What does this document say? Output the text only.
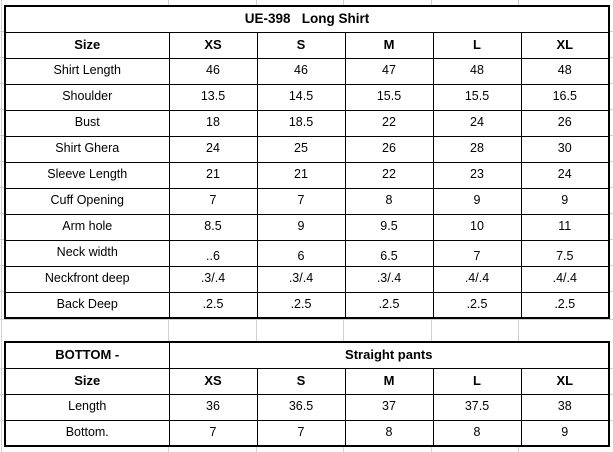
UE-398   Long Shirt					
Size	XS	S	M	L	XL
Shirt Length	46	46	47	48	48
Shoulder	13.5	14.5	15.5	15.5	16.5
Bust	18	18.5	22	24	26
Shirt Ghera	24	25	26	28	30
Sleeve Length	21	21	22	23	24
Cuff Opening	7	7	8	9	9
Arm hole	8.5	9	9.5	10	11
Neck width	..6	6	6.5	7	7.5
Neckfront deep	.3/.4	.3/.4	.3/.4	.4/.4	.4/.4
Back Deep	.2.5	.2.5	.2.5	.2.5	.2.5
BOTTOM -	Straight pants				
Size	XS	S	M	L	XL
Length	36	36.5	37	37.5	38
Bottom.	7	7	8	8	9
